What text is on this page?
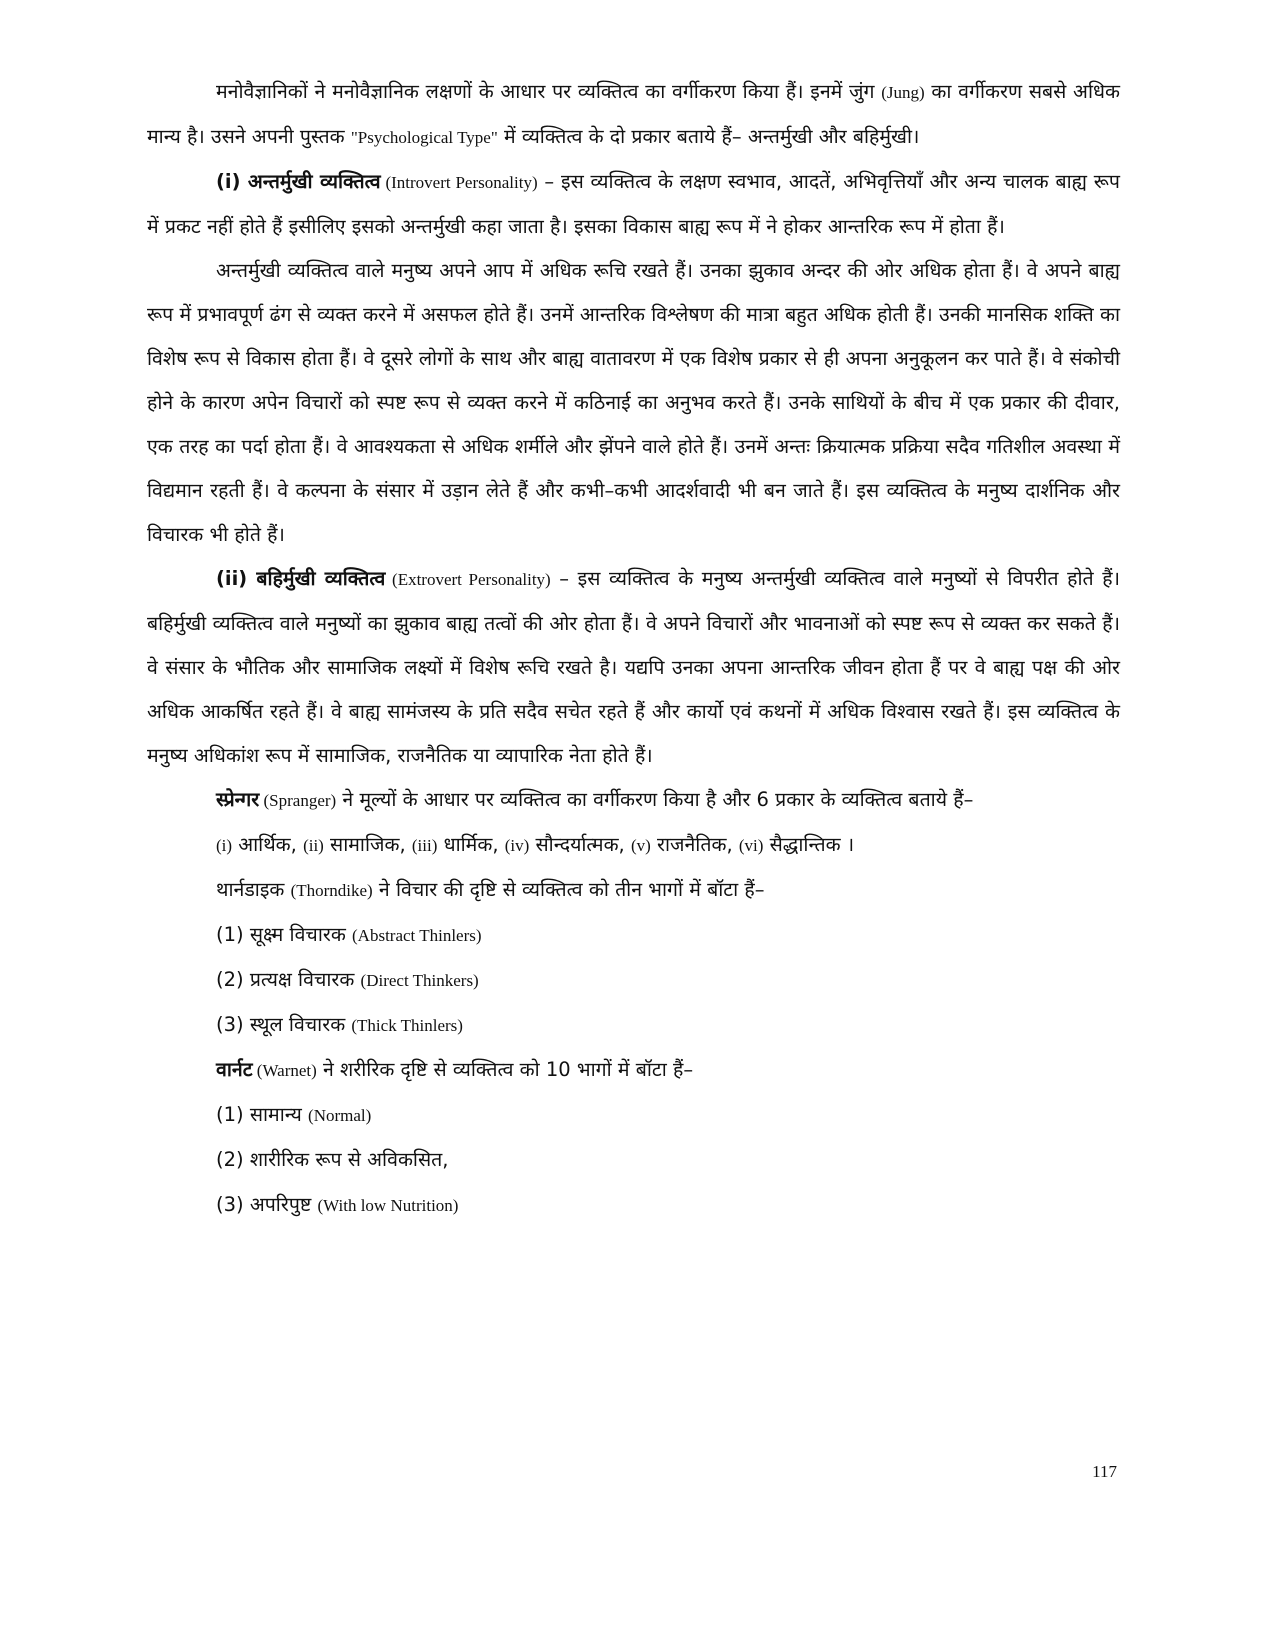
मनोवैज्ञानिकों ने मनोवैज्ञानिक लक्षणों के आधार पर व्यक्तित्व का वर्गीकरण किया हैं। इनमें जुंग (Jung) का वर्गीकरण सबसे अधिक मान्य है। उसने अपनी पुस्तक "Psychological Type" में व्यक्तित्व के दो प्रकार बताये हैं– अन्तर्मुखी और बहिर्मुखी।

(i) अन्तर्मुखी व्यक्तित्व (Introvert Personality) – इस व्यक्तित्व के लक्षण स्वभाव, आदतें, अभिवृत्तियाँ और अन्य चालक बाह्य रूप में प्रकट नहीं होते हैं इसीलिए इसको अन्तर्मुखी कहा जाता है। इसका विकास बाह्य रूप में ने होकर आन्तरिक रूप में होता हैं।

अन्तर्मुखी व्यक्तित्व वाले मनुष्य अपने आप में अधिक रूचि रखते हैं। उनका झुकाव अन्दर की ओर अधिक होता हैं। वे अपने बाह्य रूप में प्रभावपूर्ण ढंग से व्यक्त करने में असफल होते हैं। उनमें आन्तरिक विश्लेषण की मात्रा बहुत अधिक होती हैं। उनकी मानसिक शक्ति का विशेष रूप से विकास होता हैं। वे दूसरे लोगों के साथ और बाह्य वातावरण में एक विशेष प्रकार से ही अपना अनुकूलन कर पाते हैं। वे संकोची होने के कारण अपेन विचारों को स्पष्ट रूप से व्यक्त करने में कठिनाई का अनुभव करते हैं। उनके साथियों के बीच में एक प्रकार की दीवार, एक तरह का पर्दा होता हैं। वे आवश्यकता से अधिक शर्मीले और झेंपने वाले होते हैं। उनमें अन्तः क्रियात्मक प्रक्रिया सदैव गतिशील अवस्था में विद्यमान रहती हैं। वे कल्पना के संसार में उड़ान लेते हैं और कभी–कभी आदर्शवादी भी बन जाते हैं। इस व्यक्तित्व के मनुष्य दार्शनिक और विचारक भी होते हैं।

(ii) बहिर्मुखी व्यक्तित्व (Extrovert Personality) – इस व्यक्तित्व के मनुष्य अन्तर्मुखी व्यक्तित्व वाले मनुष्यों से विपरीत होते हैं। बहिर्मुखी व्यक्तित्व वाले मनुष्यों का झुकाव बाह्य तत्वों की ओर होता हैं। वे अपने विचारों और भावनाओं को स्पष्ट रूप से व्यक्त कर सकते हैं। वे संसार के भौतिक और सामाजिक लक्ष्यों में विशेष रूचि रखते है। यद्यपि उनका अपना आन्तरिक जीवन होता हैं पर वे बाह्य पक्ष की ओर अधिक आकर्षित रहते हैं। वे बाह्य सामंजस्य के प्रति सदैव सचेत रहते हैं और कार्यो एवं कथनों में अधिक विश्वास रखते हैं। इस व्यक्तित्व के मनुष्य अधिकांश रूप में सामाजिक, राजनैतिक या व्यापारिक नेता होते हैं।

स्प्रेन्गर (Spranger) ने मूल्यों के आधार पर व्यक्तित्व का वर्गीकरण किया है और 6 प्रकार के व्यक्तित्व बताये हैं–

(i) आर्थिक, (ii) सामाजिक, (iii) धार्मिक, (iv) सौन्दर्यात्मक, (v) राजनैतिक, (vi) सैद्धान्तिक ।

थार्नडाइक (Thorndike) ने विचार की दृष्टि से व्यक्तित्व को तीन भागों में बॉटा हैं–

(1) सूक्ष्म विचारक (Abstract Thinlers)

(2) प्रत्यक्ष विचारक (Direct Thinkers)

(3) स्थूल विचारक (Thick Thinlers)

वार्नट (Warnet) ने शरीरिक दृष्टि से व्यक्तित्व को 10 भागों में बॉटा हैं–

(1) सामान्य (Normal)

(2) शारीरिक रूप से अविकसित,

(3) अपरिपुष्ट (With low Nutrition)

117
